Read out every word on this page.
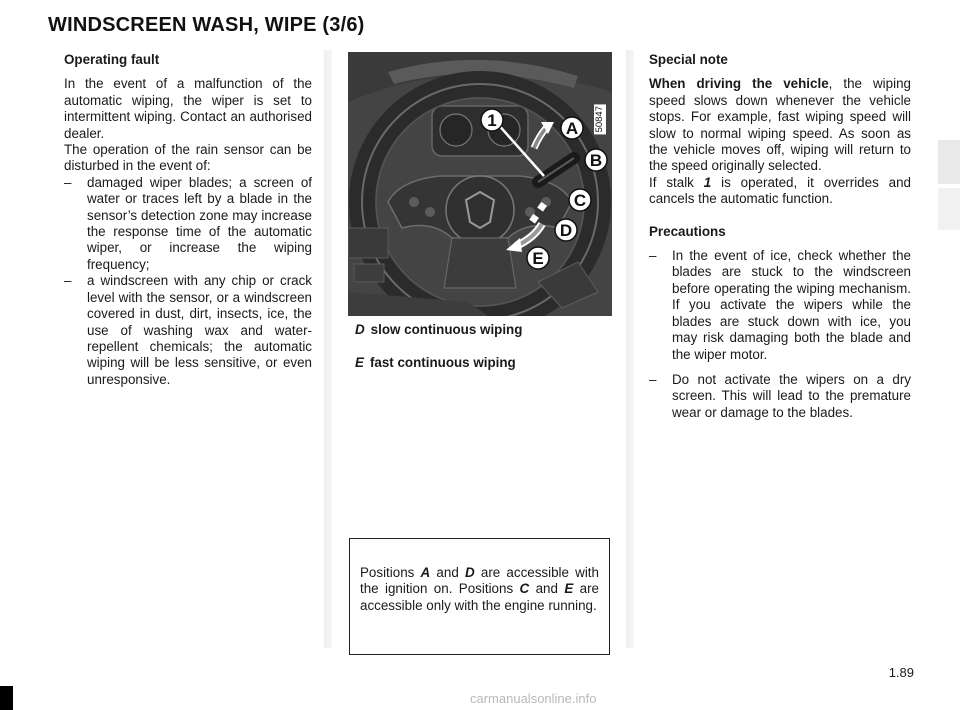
WINDSCREEN WASH, WIPE (3/6)

Operating fault

In the event of a malfunction of the automatic wiping, the wiper is set to intermittent wiping. Contact an authorised dealer.

The operation of the rain sensor can be disturbed in the event of:

– damaged wiper blades; a screen of water or traces left by a blade in the sensor’s detection zone may increase the response time of the automatic wiper, or increase the wiping frequency;

– a windscreen with any chip or crack level with the sensor, or a windscreen covered in dust, dirt, insects, ice, the use of washing wax and water-repellent chemicals; the automatic wiping will be less sensitive, or even unresponsive.

1	A
B
C
D
E
50847

D slow continuous wiping

E fast continuous wiping

Positions A and D are accessible with the ignition on. Positions C and E are accessible only with the engine running.

Special note

When driving the vehicle, the wiping speed slows down whenever the vehicle stops. For example, fast wiping speed will slow to normal wiping speed. As soon as the vehicle moves off, wiping will return to the speed originally selected.

If stalk 1 is operated, it overrides and cancels the automatic function.

Precautions

– In the event of ice, check whether the blades are stuck to the windscreen before operating the wiping mechanism. If you activate the wipers while the blades are stuck down with ice, you may risk damaging both the blade and the wiper motor.

– Do not activate the wipers on a dry screen. This will lead to the premature wear or damage to the blades.

1.89
carmanualsonline.info
